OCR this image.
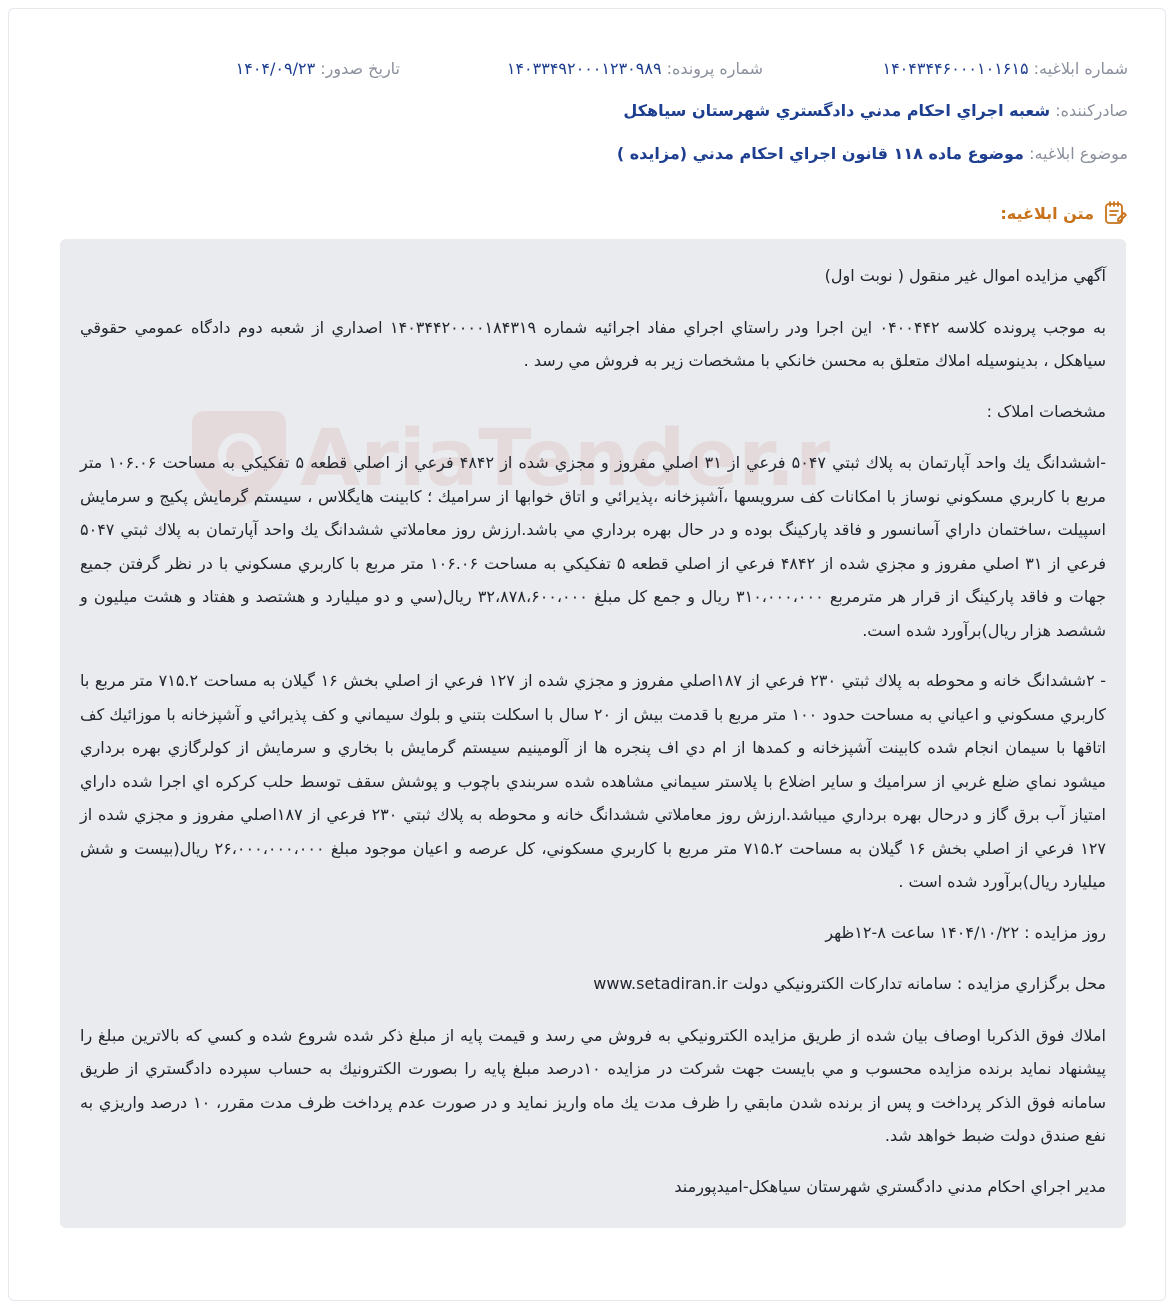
شماره ابلاغيه: ۱۴۰۴۳۴۴۶۰۰۰۱۰۱۶۱۵
شماره پرونده: ۱۴۰۳۳۴۹۲۰۰۰۱۲۳۰۹۸۹
تاريخ صدور: ۱۴۰۴/۰۹/۲۳
صادرکننده: شعبه اجراي احكام مدني دادگستري شهرستان سياهكل
موضوع ابلاغيه: موضوع ماده ۱۱۸ قانون اجراي احكام مدني (مزايده )
متن ابلاغيه:
AriaTender.n

آگهي مزايده اموال غير منقول ( نوبت اول)

به موجب پرونده كلاسه ۰۴۰۰۴۴۲ اين اجرا ودر راستاي اجراي مفاد اجرائيه شماره ۱۴۰۳۴۴۲۰۰۰۰۱۸۴۳۱۹ اصداري از شعبه دوم دادگاه عمومي حقوقي سياهكل ، بدينوسيله املاك متعلق به محسن خانكي با مشخصات زير به فروش مي رسد .

مشخصات املاک :

-اششدانگ يك واحد آپارتمان به پلاك ثبتي ۵۰۴۷ فرعي از ۳۱ اصلي مفروز و مجزي شده از ۴۸۴۲ فرعي از اصلي قطعه ۵ تفكيكي به مساحت ۱۰۶.۰۶ متر مربع با كاربري مسكوني نوساز با امكانات كف سرويسها ،آشپزخانه ،پذيرائي و اتاق خوابها از سراميك ؛ كابينت هايگلاس ، سيستم گرمايش پكيج و سرمايش اسپيلت ،ساختمان داراي آسانسور و فاقد پاركينگ بوده و در حال بهره برداري مي باشد.ارزش روز معاملاتي ششدانگ يك واحد آپارتمان به پلاك ثبتي ۵۰۴۷ فرعي از ۳۱ اصلي مفروز و مجزي شده از ۴۸۴۲ فرعي از اصلي قطعه ۵ تفكيكي به مساحت ۱۰۶.۰۶ متر مربع با كاربري مسكوني با در نظر گرفتن جميع جهات و فاقد پاركينگ از قرار هر مترمربع ۳۱۰،۰۰۰،۰۰۰ ريال و جمع كل مبلغ ۳۲،۸۷۸،۶۰۰،۰۰۰ ريال(سي و دو ميليارد و هشتصد و هفتاد و هشت ميليون و ششصد هزار ريال)برآورد شده است.

- ۲ششدانگ خانه و محوطه به پلاك ثبتي ۲۳۰ فرعي از ۱۸۷اصلي مفروز و مجزي شده از ۱۲۷ فرعي از اصلي بخش ۱۶ گيلان به مساحت ۷۱۵.۲ متر مربع با كاربري مسكوني و اعياني به مساحت حدود ۱۰۰ متر مربع با قدمت بيش از ۲۰ سال با اسكلت بتني و بلوك سيماني و كف پذيرائي و آشپزخانه با موزائيك كف اتاقها با سيمان انجام شده كابينت آشپزخانه و كمدها از ام دي اف پنجره ها از آلومينيم سيستم گرمايش با بخاري و سرمايش از كولرگازي بهره برداري ميشود نماي ضلع غربي از سراميك و ساير اضلاع با پلاستر سيماني مشاهده شده سربندي باچوب و پوشش سقف توسط حلب كركره اي اجرا شده داراي امتياز آب برق گاز و درحال بهره برداري ميباشد.ارزش روز معاملاتي ششدانگ خانه و محوطه به پلاك ثبتي ۲۳۰ فرعي از ۱۸۷اصلي مفروز و مجزي شده از ۱۲۷ فرعي از اصلي بخش ۱۶ گيلان به مساحت ۷۱۵.۲ متر مربع با كاربري مسكوني، كل عرصه و اعيان موجود مبلغ ۲۶،۰۰۰،۰۰۰،۰۰۰ ريال(بيست و شش ميليارد ريال)برآورد شده است .

روز مزايده : ۱۴۰۴/۱۰/۲۲ ساعت ۸-۱۲ظهر

محل برگزاري مزايده : سامانه تداركات الكترونيكي دولت www.setadiran.ir

املاك فوق الذكربا اوصاف بيان شده از طريق مزايده الكترونيكي به فروش مي رسد و قيمت پايه از مبلغ ذكر شده شروع شده و كسي كه بالاترين مبلغ را پيشنهاد نمايد برنده مزايده محسوب و مي بايست جهت شركت در مزايده ۱۰درصد مبلغ پايه را بصورت الكترونيك به حساب سپرده دادگستري از طريق سامانه فوق الذكر پرداخت و پس از برنده شدن مابقي را ظرف مدت يك ماه واريز نمايد و در صورت عدم پرداخت ظرف مدت مقرر، ۱۰ درصد واريزي به نفع صندق دولت ضبط خواهد شد.

مدير اجراي احكام مدني دادگستري شهرستان سياهكل-اميدپورمند
